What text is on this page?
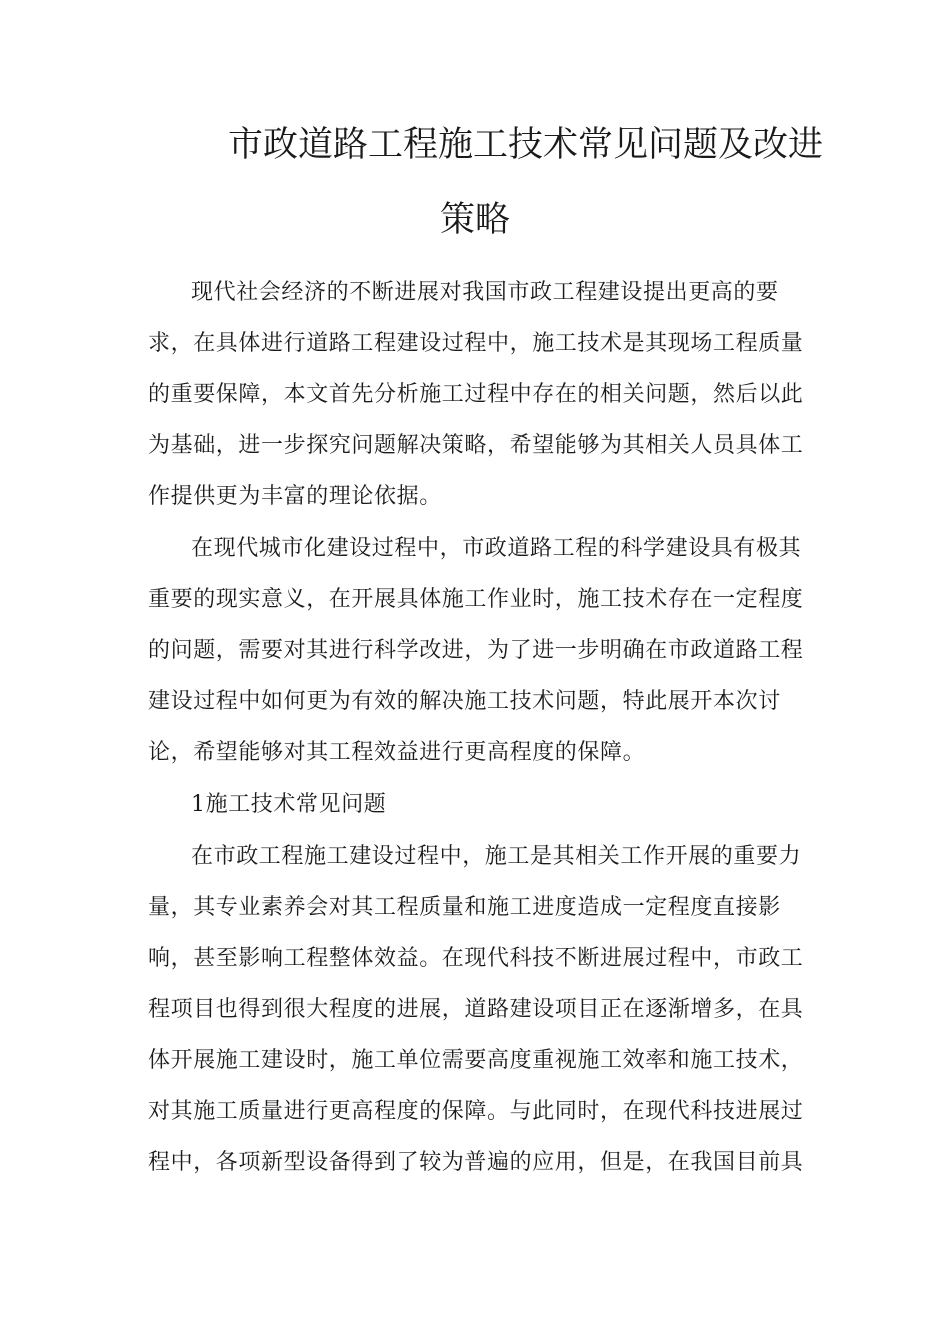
市政道路工程施工技术常见问题及改进
策略
现代社会经济的不断进展对我国市政工程建设提出更高的要
求，在具体进行道路工程建设过程中，施工技术是其现场工程质量
的重要保障，本文首先分析施工过程中存在的相关问题，然后以此
为基础，进一步探究问题解决策略，希望能够为其相关人员具体工
作提供更为丰富的理论依据。
在现代城市化建设过程中，市政道路工程的科学建设具有极其
重要的现实意义，在开展具体施工作业时，施工技术存在一定程度
的问题，需要对其进行科学改进，为了进一步明确在市政道路工程
建设过程中如何更为有效的解决施工技术问题，特此展开本次讨
论，希望能够对其工程效益进行更高程度的保障。
1施工技术常见问题
在市政工程施工建设过程中，施工是其相关工作开展的重要力
量，其专业素养会对其工程质量和施工进度造成一定程度直接影
响，甚至影响工程整体效益。在现代科技不断进展过程中，市政工
程项目也得到很大程度的进展，道路建设项目正在逐渐增多，在具
体开展施工建设时，施工单位需要高度重视施工效率和施工技术，
对其施工质量进行更高程度的保障。与此同时，在现代科技进展过
程中，各项新型设备得到了较为普遍的应用，但是，在我国目前具
